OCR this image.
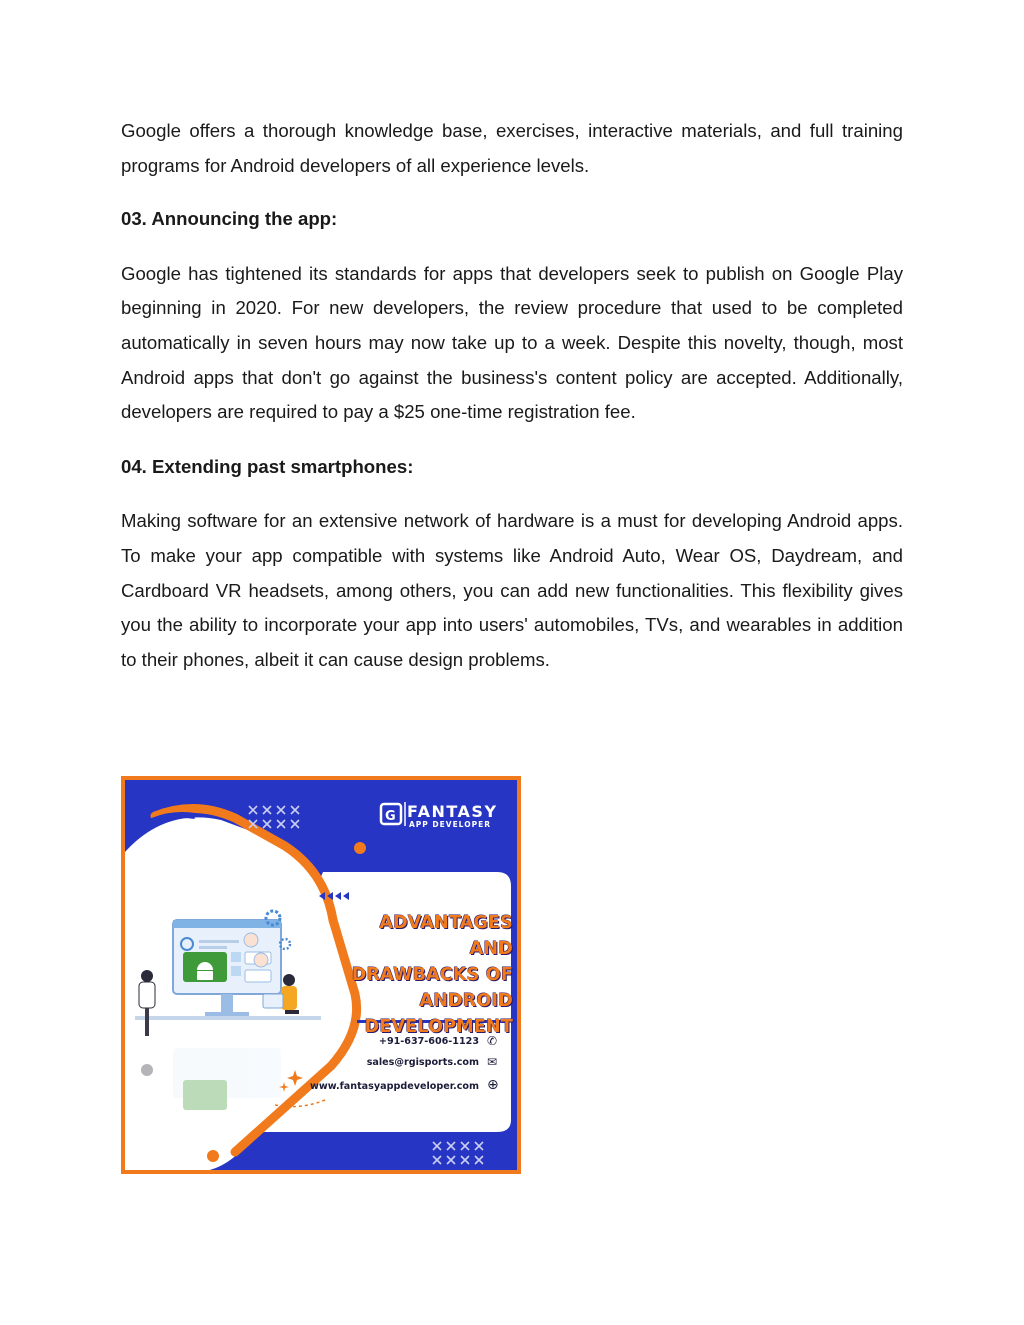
Google offers a thorough knowledge base, exercises, interactive materials, and full training programs for Android developers of all experience levels.

03. Announcing the app:

Google has tightened its standards for apps that developers seek to publish on Google Play beginning in 2020. For new developers, the review procedure that used to be completed automatically in seven hours may now take up to a week. Despite this novelty, though, most Android apps that don't go against the business's content policy are accepted. Additionally, developers are required to pay a $25 one-time registration fee.

04. Extending past smartphones:

Making software for an extensive network of hardware is a must for developing Android apps. To make your app compatible with systems like Android Auto, Wear OS, Daydream, and Cardboard VR headsets, among others, you can add new functionalities. This flexibility gives you the ability to incorporate your app into users' automobiles, TVs, and wearables in addition to their phones, albeit it can cause design problems.

G FANTASY
APP DEVELOPER
ADVANTAGES AND
DRAWBACKS OF
ANDROID
DEVELOPMENT
+91-637-606-1123 ✆
sales@rgisports.com ✉
www.fantasyappdeveloper.com ⊕
